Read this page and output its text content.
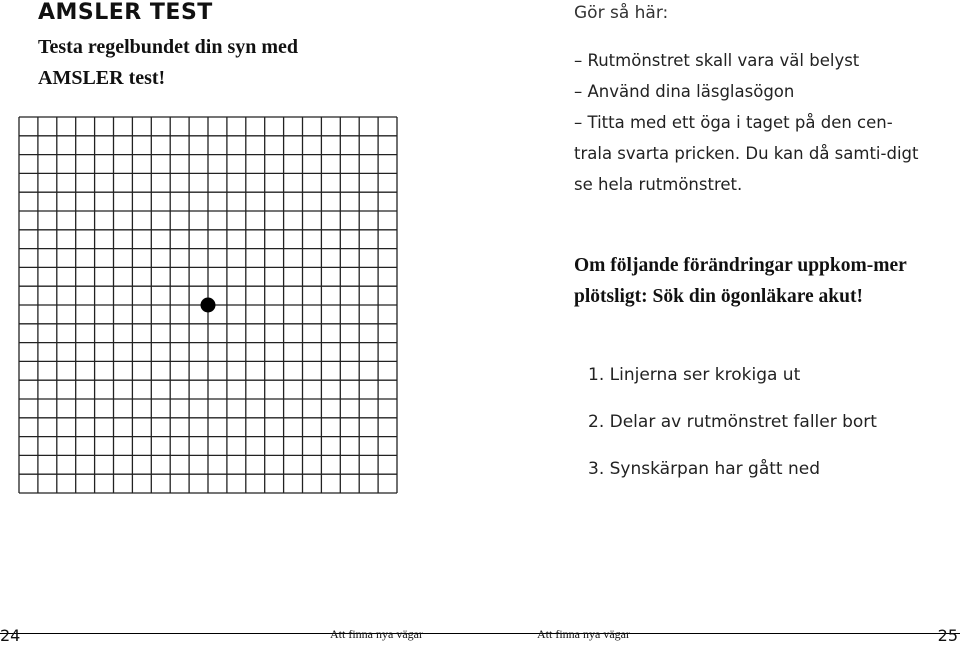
AMSLER TEST
Testa regelbundet din syn med AMSLER test!
Gör så här:
– Rutmönstret skall vara väl belyst
– Använd dina läsglasögon
– Titta med ett öga i taget på den cen-trala svarta pricken. Du kan då samti-digt se hela rutmönstret.
Om följande förändringar uppkom-mer plötsligt: Sök din ögonläkare akut!
1. Linjerna ser krokiga ut
2. Delar av rutmönstret faller bort
3. Synskärpan har gått ned
24	Att finna nya vägar	Att finna nya vägar	25
